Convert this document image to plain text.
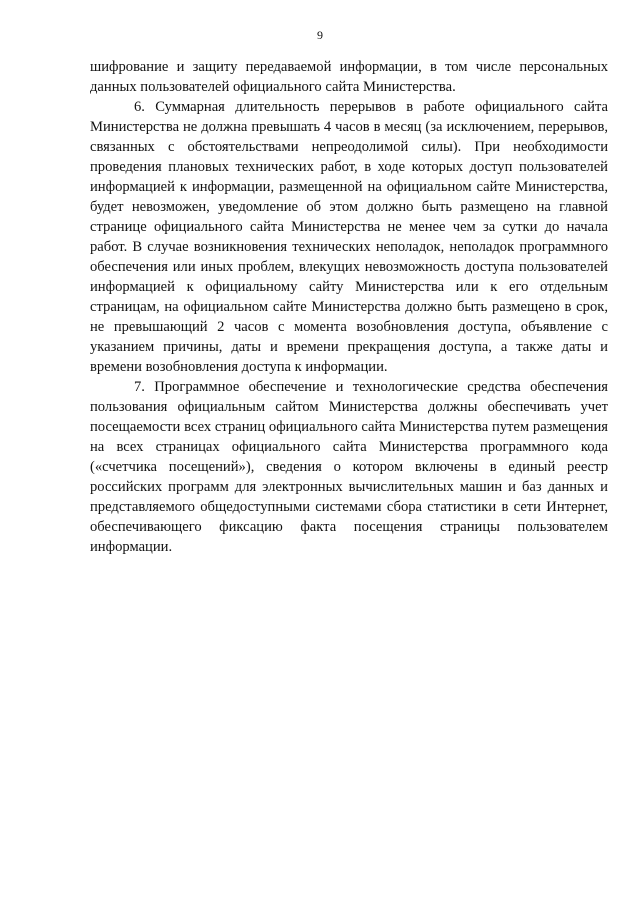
9

шифрование и защиту передаваемой информации, в том числе персональных данных пользователей официального сайта Министерства.

6. Суммарная длительность перерывов в работе официального сайта Министерства не должна превышать 4 часов в месяц (за исключением, перерывов, связанных с обстоятельствами непреодолимой силы). При необходимости проведения плановых технических работ, в ходе которых доступ пользователей информацией к информации, размещенной на официальном сайте Министерства, будет невозможен, уведомление об этом должно быть размещено на главной странице официального сайта Министерства не менее чем за сутки до начала работ. В случае возникновения технических неполадок, неполадок программного обеспечения или иных проблем, влекущих невозможность доступа пользователей информацией к официальному сайту Министерства или к его отдельным страницам, на официальном сайте Министерства должно быть размещено в срок, не превышающий 2 часов с момента возобновления доступа, объявление с указанием причины, даты и времени прекращения доступа, а также даты и времени возобновления доступа к информации.

7. Программное обеспечение и технологические средства обеспечения пользования официальным сайтом Министерства должны обеспечивать учет посещаемости всех страниц официального сайта Министерства путем размещения на всех страницах официального сайта Министерства программного кода («счетчика посещений»), сведения о котором включены в единый реестр российских программ для электронных вычислительных машин и баз данных и представляемого общедоступными системами сбора статистики в сети Интернет, обеспечивающего фиксацию факта посещения страницы пользователем информации.
